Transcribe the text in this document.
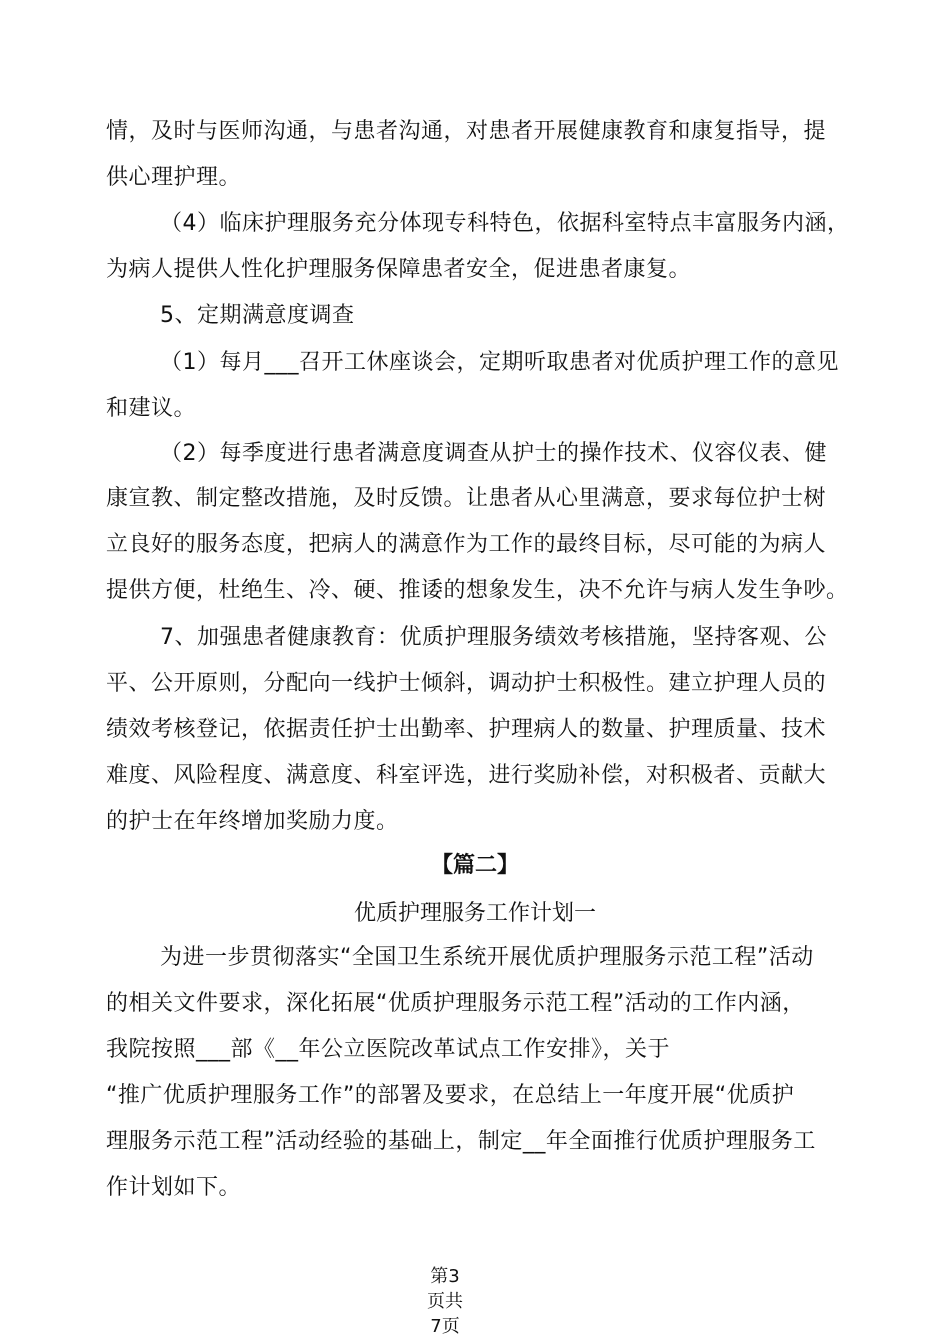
情，及时与医师沟通，与患者沟通，对患者开展健康教育和康复指导，提
供心理护理。
（4）临床护理服务充分体现专科特色，依据科室特点丰富服务内涵，
为病人提供人性化护理服务保障患者安全，促进患者康复。
5、定期满意度调查
（1）每月___召开工休座谈会，定期听取患者对优质护理工作的意见
和建议。
（2）每季度进行患者满意度调查从护士的操作技术、仪容仪表、健
康宣教、制定整改措施，及时反馈。让患者从心里满意，要求每位护士树
立良好的服务态度，把病人的满意作为工作的最终目标，尽可能的为病人
提供方便，杜绝生、冷、硬、推诿的想象发生，决不允许与病人发生争吵。
7、加强患者健康教育：优质护理服务绩效考核措施，坚持客观、公
平、公开原则，分配向一线护士倾斜，调动护士积极性。建立护理人员的
绩效考核登记，依据责任护士出勤率、护理病人的数量、护理质量、技术
难度、风险程度、满意度、科室评选，进行奖励补偿，对积极者、贡献大
的护士在年终增加奖励力度。
【篇二】
优质护理服务工作计划一
为进一步贯彻落实“全国卫生系统开展优质护理服务示范工程”活动
的相关文件要求，深化拓展“优质护理服务示范工程”活动的工作内涵，
我院按照___部《__年公立医院改革试点工作安排》，关于
“推广优质护理服务工作”的部署及要求，在总结上一年度开展“优质护
理服务示范工程”活动经验的基础上，制定__年全面推行优质护理服务工
作计划如下。
第3
页共
7页
